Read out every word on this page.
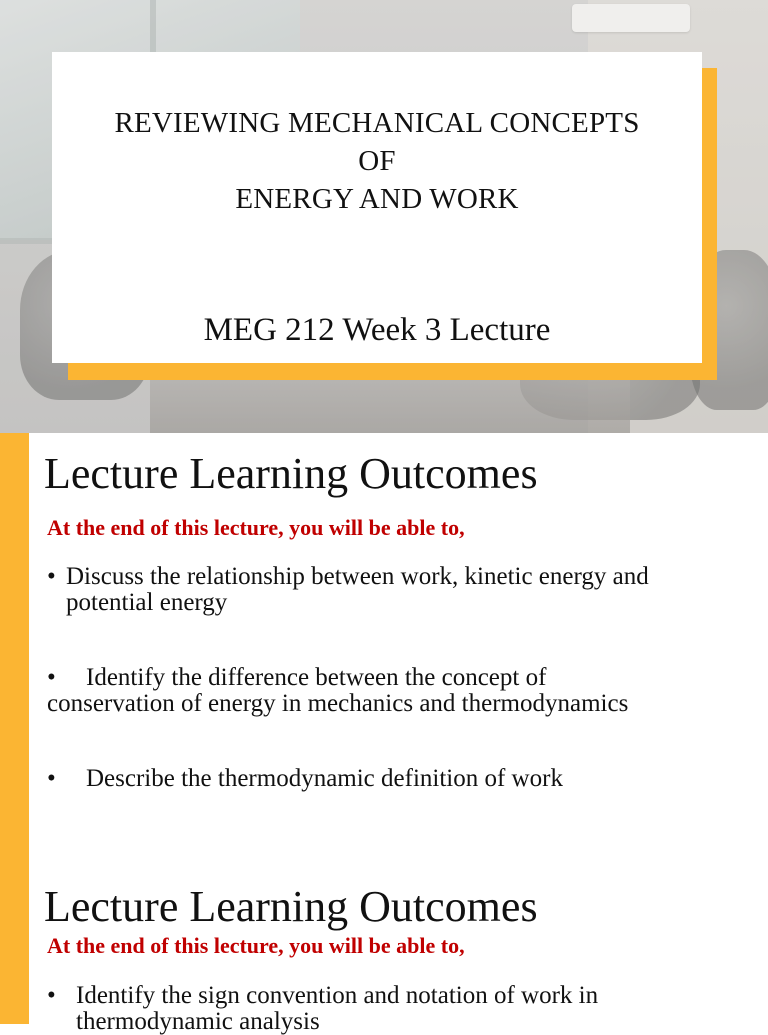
REVIEWING MECHANICAL CONCEPTS
OF
ENERGY AND WORK
MEG 212 Week 3 Lecture
Lecture Learning Outcomes
At the end of this lecture, you will be able to,
• Discuss the relationship between work, kinetic energy and
potential energy
•	Identify the difference between the concept of
conservation of energy in mechanics and thermodynamics
•	Describe the thermodynamic definition of work
Lecture Learning Outcomes
At the end of this lecture, you will be able to,
• Identify the sign convention and notation of work in
thermodynamic analysis
